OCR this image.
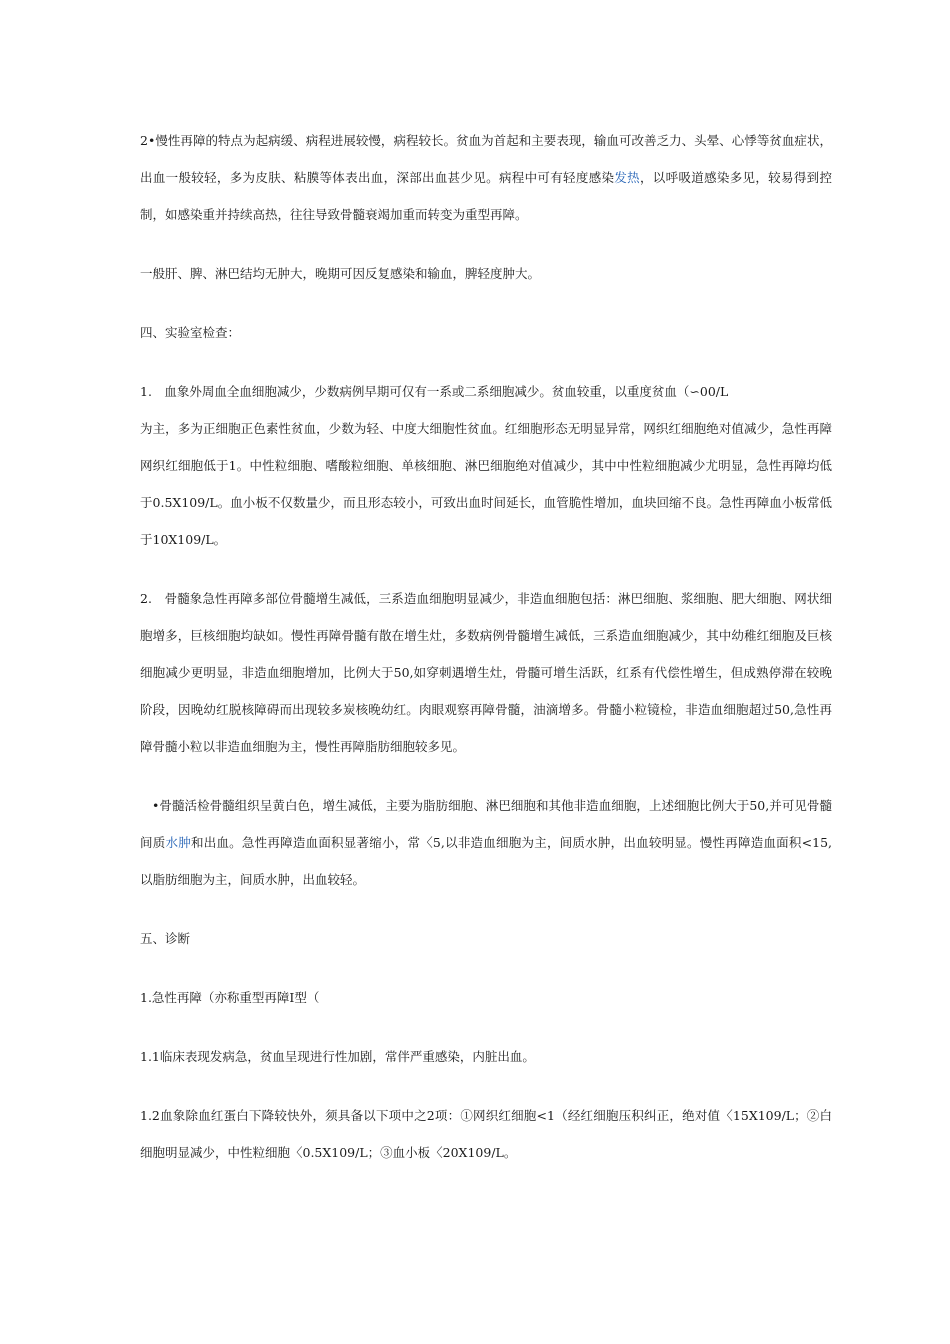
2•慢性再障的特点为起病缓、病程进展较慢，病程较长。贫血为首起和主要表现，输血可改善乏力、头晕、心悸等贫血症状，出血一般较轻，多为皮肤、粘膜等体表出血，深部出血甚少见。病程中可有轻度感染发热，以呼吸道感染多见，较易得到控制，如感染重并持续高热，往往导致骨髓衰竭加重而转变为重型再障。

一般肝、脾、淋巴结均无肿大，晚期可因反复感染和输血，脾轻度肿大。

四、实验室检查：

1.　血象外周血全血细胞减少，少数病例早期可仅有一系或二系细胞减少。贫血较重，以重度贫血（∽00/L

为主，多为正细胞正色素性贫血，少数为轻、中度大细胞性贫血。红细胞形态无明显异常，网织红细胞绝对值减少，急性再障网织红细胞低于1。中性粒细胞、嗜酸粒细胞、单核细胞、淋巴细胞绝对值减少，其中中性粒细胞减少尤明显，急性再障均低于0.5X109/L。血小板不仅数量少，而且形态较小，可致出血时间延长，血管脆性增加，血块回缩不良。急性再障血小板常低于10X109/L。

2.　骨髓象急性再障多部位骨髓增生减低，三系造血细胞明显减少，非造血细胞包括：淋巴细胞、浆细胞、肥大细胞、网状细胞增多，巨核细胞均缺如。慢性再障骨髓有散在增生灶，多数病例骨髓增生减低，三系造血细胞减少，其中幼稚红细胞及巨核细胞减少更明显，非造血细胞增加，比例大于50,如穿刺遇增生灶，骨髓可增生活跃，红系有代偿性增生，但成熟停滞在较晚阶段，因晚幼红脱核障碍而出现较多炭核晚幼红。肉眼观察再障骨髓，油滴增多。骨髓小粒镜检，非造血细胞超过50,急性再障骨髓小粒以非造血细胞为主，慢性再障脂肪细胞较多见。

•骨髓活检骨髓组织呈黄白色，增生减低，主要为脂肪细胞、淋巴细胞和其他非造血细胞，上述细胞比例大于50,并可见骨髓间质水肿和出血。急性再障造血面积显著缩小，常〈5,以非造血细胞为主，间质水肿，出血较明显。慢性再障造血面积<15,以脂肪细胞为主，间质水肿，出血较轻。

五、诊断

1.急性再障（亦称重型再障Ⅰ型（

1.1临床表现发病急，贫血呈现进行性加剧，常伴严重感染，内脏出血。

1.2血象除血红蛋白下降较快外，须具备以下项中之2项：①网织红细胞<1（经红细胞压积纠正，绝对值〈15X109/L；②白细胞明显减少，中性粒细胞〈0.5X109/L；③血小板〈20X109/L。
